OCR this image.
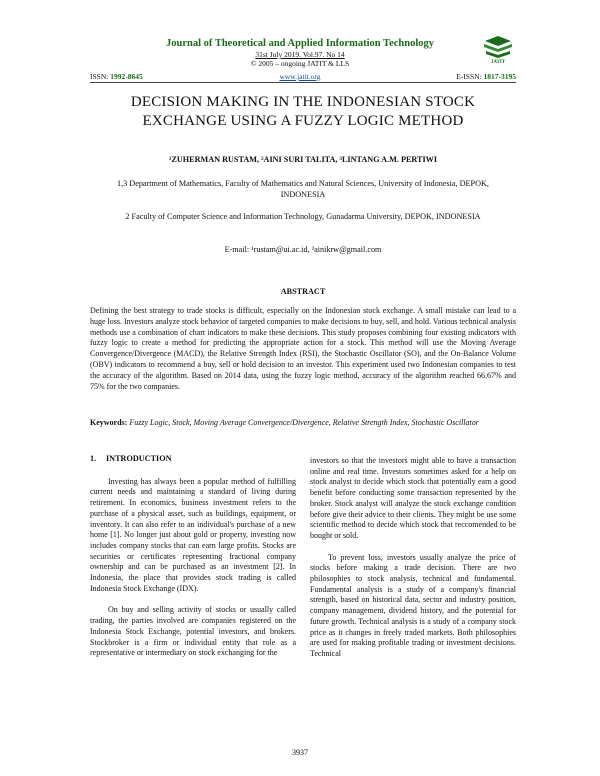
Journal of Theoretical and Applied Information Technology
31st July 2019. Vol.97. No 14
© 2005 – ongoing JATIT & LLS	JATIT
ISSN: 1992-8645	www.jatit.org	E-ISSN: 1817-3195
DECISION MAKING IN THE INDONESIAN STOCK
EXCHANGE USING A FUZZY LOGIC METHOD
¹ZUHERMAN RUSTAM, ²AINI SURI TALITA, ³LINTANG A.M. PERTIWI
1,3 Department of Mathematics, Faculty of Mathematics and Natural Sciences, University of Indonesia, DEPOK, INDONESIA
2 Faculty of Computer Science and Information Technology, Gunadarma University, DEPOK, INDONESIA
E-mail: ¹rustam@ui.ac.id, ²ainikrw@gmail.com
ABSTRACT
Defining the best strategy to trade stocks is difficult, especially on the Indonesian stock exchange. A small mistake can lead to a huge loss. Investors analyze stock behavior of targeted companies to make decisions to buy, sell, and hold. Various technical analysis methods use a combination of chart indicators to make these decisions. This study proposes combining four existing indicators with fuzzy logic to create a method for predicting the appropriate action for a stock. This method will use the Moving Average Convergence/Divergence (MACD), the Relative Strength Index (RSI), the Stochastic Oscillator (SO), and the On-Balance Volume (OBV) indicators to recommend a buy, sell or hold decision to an investor. This experiment used two Indonesian companies to test the accuracy of the algorithm. Based on 2014 data, using the fuzzy logic method, accuracy of the algorithm reached 66.67% and 75% for the two companies.
Keywords: Fuzzy Logic, Stock, Moving Average Convergence/Divergence, Relative Strength Index, Stochastic Oscillator

1. INTRODUCTION

Investing has always been a popular method of fulfilling current needs and maintaining a standard of living during retirement. In economics, business investment refers to the purchase of a physical asset, such as buildings, equipment, or inventory. It can also refer to an individual's purchase of a new home [1]. No longer just about gold or property, investing now includes company stocks that can earn large profits. Stocks are securities or certificates representing fractional company ownership and can be purchased as an investment [2]. In Indonesia, the place that provides stock trading is called Indonesia Stock Exchange (IDX).

On buy and selling activity of stocks or usually called trading, the parties involved are companies registered on the Indonesia Stock Exchange, potential investors, and brokers. Stockbroker is a firm or individual entity that role as a representative or intermediary on stock exchanging for the

investors so that the investors might able to have a transaction online and real time. Investors sometimes asked for a help on stock analyst to decide which stock that potentially earn a good benefit before conducting some transaction represented by the broker. Stock analyst will analyze the stock exchange condition before give their advice to their clients. They might be use some scientific method to decide which stock that reccomended to be bought or sold.

To prevent loss, investors usually analyze the price of stocks before making a trade decision. There are two philosophies to stock analysis, technical and fundamental. Fundamental analysis is a study of a company's financial strength, based on historical data, sector and industry position, company management, dividend history, and the potential for future growth. Technical analysis is a study of a company stock price as it changes in freely traded markets. Both philosophies are used for making profitable trading or investment decisions. Technical

3937
